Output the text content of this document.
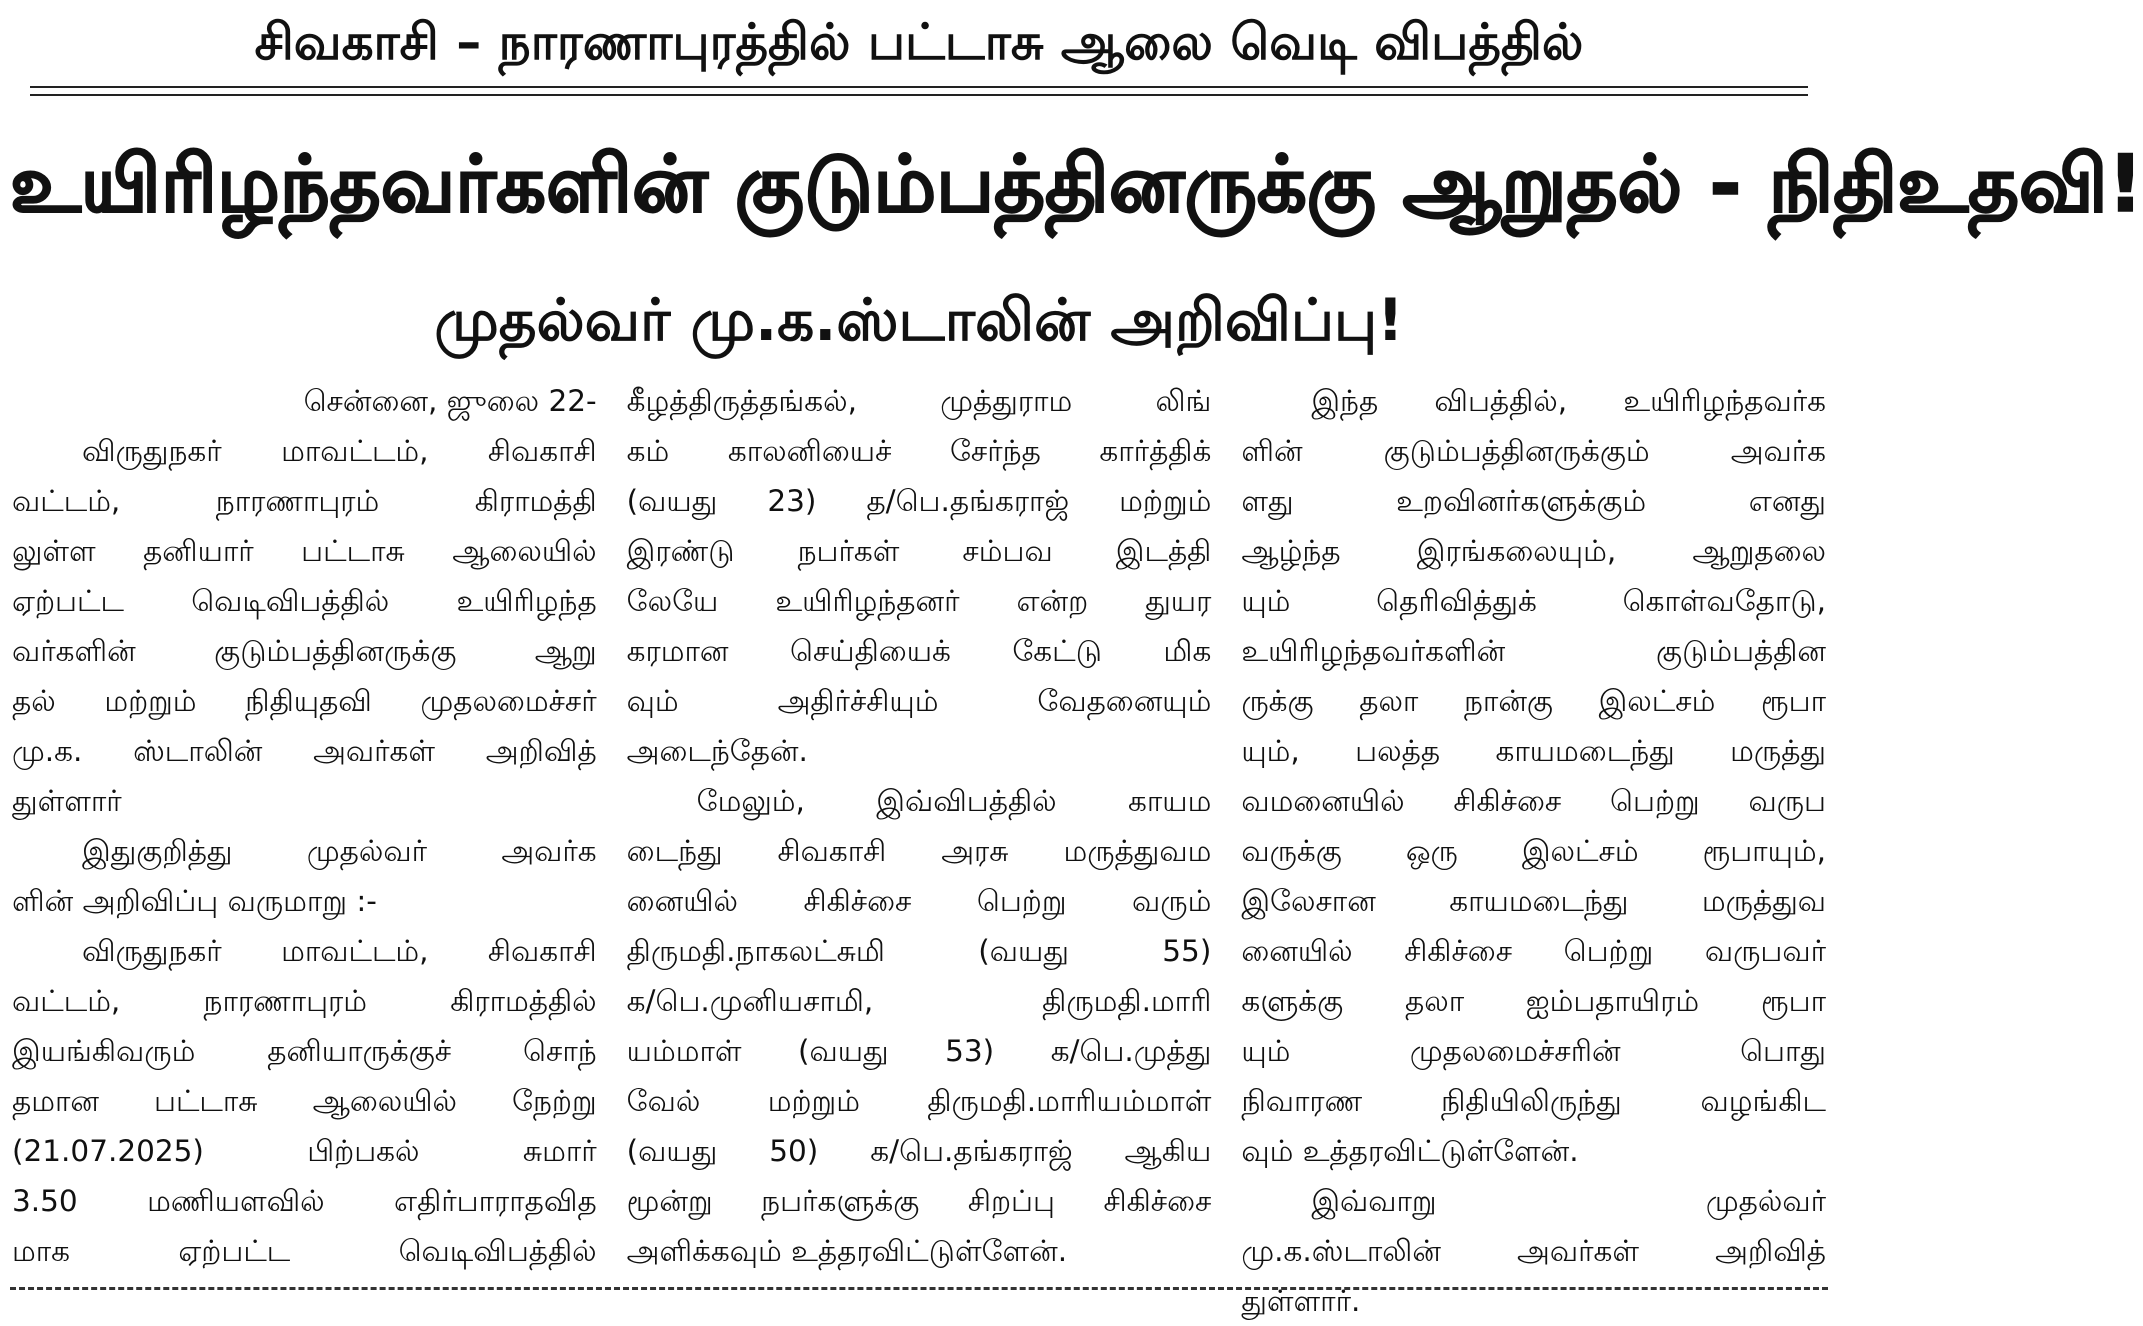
சிவகாசி – நாரணாபுரத்தில் பட்டாசு ஆலை வெடி விபத்தில்
உயிரிழந்தவர்களின் குடும்பத்தினருக்கு ஆறுதல் - நிதிஉதவி!
முதல்வர் மு.க.ஸ்டாலின் அறிவிப்பு!
சென்னை, ஜுலை 22-
விருதுநகர் மாவட்டம், சிவகாசி
வட்டம், நாரணாபுரம் கிராமத்தி
லுள்ள தனியார் பட்டாசு ஆலையில்
ஏற்பட்ட வெடிவிபத்தில் உயிரிழந்த
வர்களின் குடும்பத்தினருக்கு ஆறு
தல் மற்றும் நிதியுதவி முதலமைச்சர்
மு.க. ஸ்டாலின் அவர்கள் அறிவித்
துள்ளார்
இதுகுறித்து முதல்வர் அவர்க
ளின் அறிவிப்பு வருமாறு :-
விருதுநகர் மாவட்டம், சிவகாசி
வட்டம், நாரணாபுரம் கிராமத்தில்
இயங்கிவரும் தனியாருக்குச் சொந்
தமான பட்டாசு ஆலையில் நேற்று
(21.07.2025) பிற்பகல் சுமார்
3.50 மணியளவில் எதிர்பாராதவித
மாக ஏற்பட்ட வெடிவிபத்தில்
கீழத்திருத்தங்கல், முத்துராம லிங்
கம் காலனியைச் சேர்ந்த கார்த்திக்
(வயது 23) த/பெ.தங்கராஜ் மற்றும்
இரண்டு நபர்கள் சம்பவ இடத்தி
லேயே உயிரிழந்தனர் என்ற துயர
கரமான செய்தியைக் கேட்டு மிக
வும் அதிர்ச்சியும் வேதனையும்
அடைந்தேன்.
மேலும், இவ்விபத்தில் காயம
டைந்து சிவகாசி அரசு மருத்துவம
னையில் சிகிச்சை பெற்று வரும்
திருமதி.நாகலட்சுமி (வயது 55)
க/பெ.முனியசாமி, திருமதி.மாரி
யம்மாள் (வயது 53) க/பெ.முத்து
வேல் மற்றும் திருமதி.மாரியம்மாள்
(வயது 50) க/பெ.தங்கராஜ் ஆகிய
மூன்று நபர்களுக்கு சிறப்பு சிகிச்சை
அளிக்கவும் உத்தரவிட்டுள்ளேன்.
இந்த விபத்தில், உயிரிழந்தவர்க
ளின் குடும்பத்தினருக்கும் அவர்க
ளது உறவினர்களுக்கும் எனது
ஆழ்ந்த இரங்கலையும், ஆறுதலை
யும் தெரிவித்துக் கொள்வதோடு,
உயிரிழந்தவர்களின் குடும்பத்தின
ருக்கு தலா நான்கு இலட்சம் ரூபா
யும், பலத்த காயமடைந்து மருத்து
வமனையில் சிகிச்சை பெற்று வருப
வருக்கு ஒரு இலட்சம் ரூபாயும்,
இலேசான காயமடைந்து மருத்துவ
னையில் சிகிச்சை பெற்று வருபவர்
களுக்கு தலா ஐம்பதாயிரம் ரூபா
யும் முதலமைச்சரின் பொது
நிவாரண நிதியிலிருந்து வழங்கிட
வும் உத்தரவிட்டுள்ளேன்.
இவ்வாறு முதல்வர்
மு.க.ஸ்டாலின் அவர்கள் அறிவித்
துள்ளார்.
